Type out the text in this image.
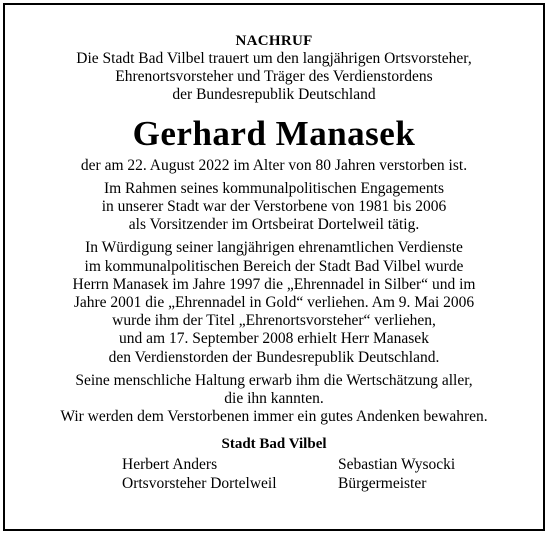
NACHRUF
Die Stadt Bad Vilbel trauert um den langjährigen Ortsvorsteher,
Ehrenortsvorsteher und Träger des Verdienstordens
der Bundesrepublik Deutschland
Gerhard Manasek
der am 22. August 2022 im Alter von 80 Jahren verstorben ist.
Im Rahmen seines kommunalpolitischen Engagements
in unserer Stadt war der Verstorbene von 1981 bis 2006
als Vorsitzender im Ortsbeirat Dortelweil tätig.
In Würdigung seiner langjährigen ehrenamtlichen Verdienste
im kommunalpolitischen Bereich der Stadt Bad Vilbel wurde
Herrn Manasek im Jahre 1997 die „Ehrennadel in Silber“ und im
Jahre 2001 die „Ehrennadel in Gold“ verliehen. Am 9. Mai 2006
wurde ihm der Titel „Ehrenortsvorsteher“ verliehen,
und am 17. September 2008 erhielt Herr Manasek
den Verdienstorden der Bundesrepublik Deutschland.
Seine menschliche Haltung erwarb ihm die Wertschätzung aller,
die ihn kannten.
Wir werden dem Verstorbenen immer ein gutes Andenken bewahren.
Stadt Bad Vilbel
Herbert Anders
Ortsvorsteher Dortelweil
Sebastian Wysocki
Bürgermeister
